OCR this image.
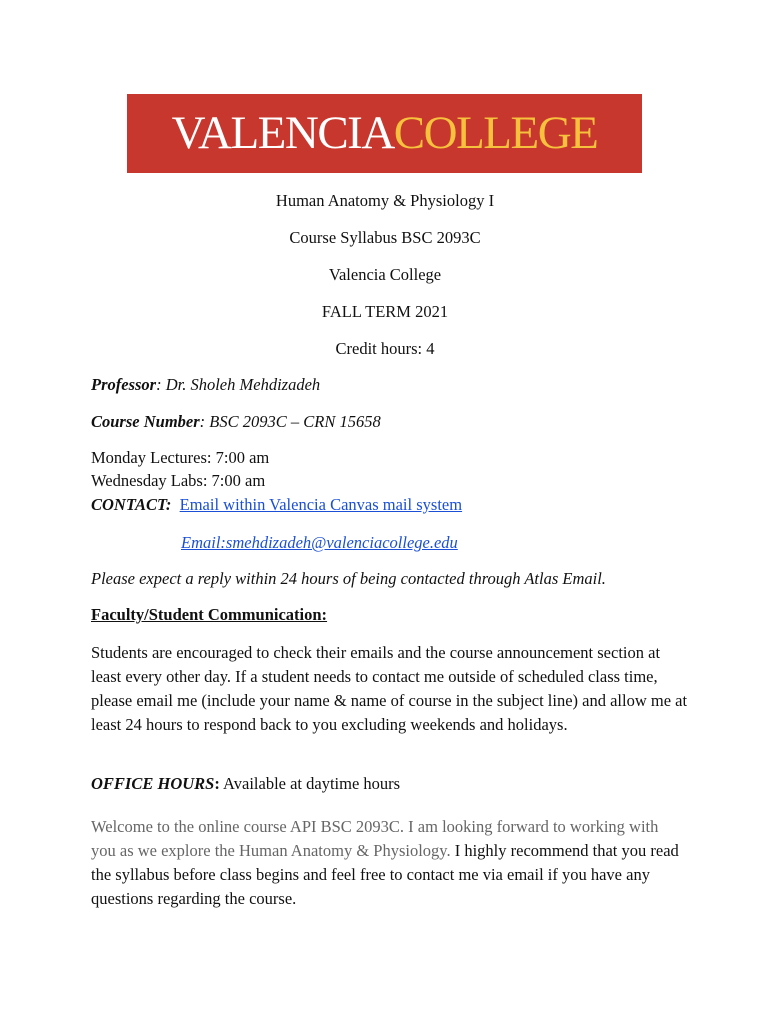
VALENCIA COLLEGE
Human Anatomy & Physiology I
Course Syllabus BSC 2093C
Valencia College
FALL TERM 2021
Credit hours: 4
Professor: Dr. Sholeh Mehdizadeh
Course Number: BSC 2093C – CRN 15658
Monday Lectures: 7:00 am
Wednesday Labs: 7:00 am
CONTACT: Email within Valencia Canvas mail system
Email:smehdizadeh@valenciacollege.edu
Please expect a reply within 24 hours of being contacted through Atlas Email.
Faculty/Student Communication:
Students are encouraged to check their emails and the course announcement section at least every other day. If a student needs to contact me outside of scheduled class time, please email me (include your name & name of course in the subject line) and allow me at least 24 hours to respond back to you excluding weekends and holidays.
OFFICE HOURS: Available at daytime hours
Welcome to the online course API BSC 2093C. I am looking forward to working with you as we explore the Human Anatomy & Physiology. I highly recommend that you read the syllabus before class begins and feel free to contact me via email if you have any questions regarding the course.
